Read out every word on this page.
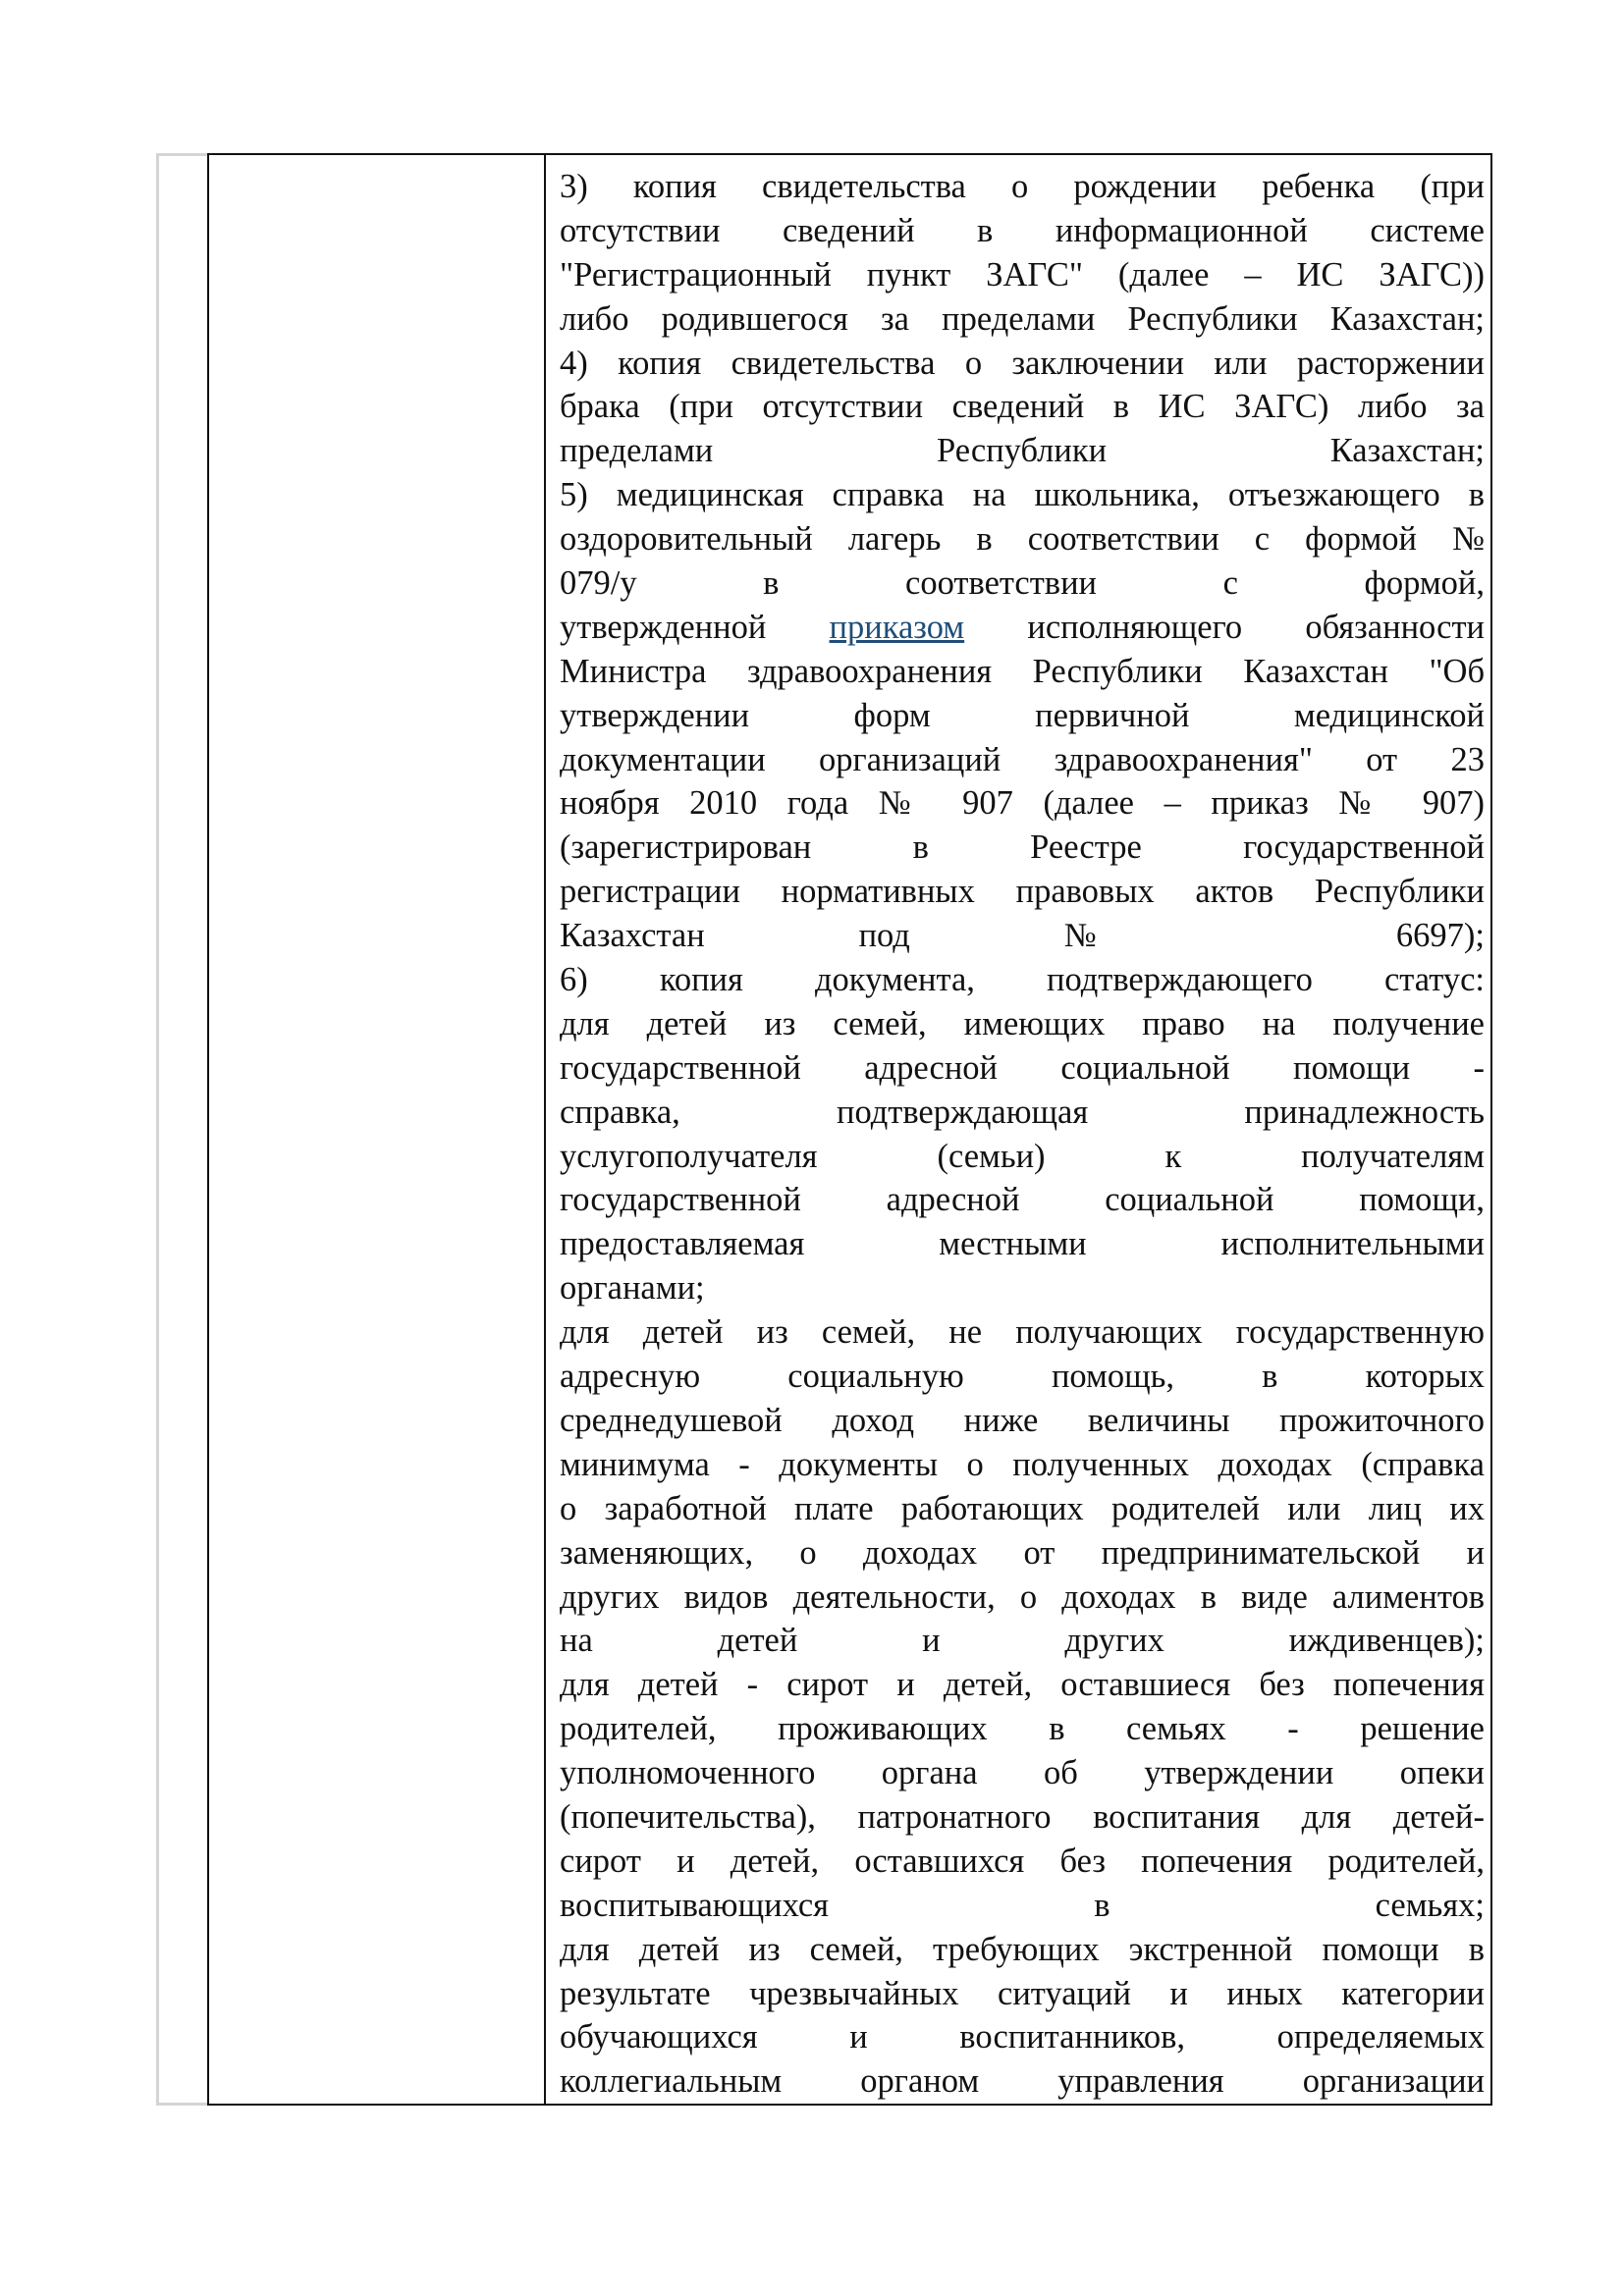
3) копия свидетельства о рождении ребенка (при
отсутствии сведений в информационной системе
"Регистрационный пункт ЗАГС" (далее – ИС ЗАГС))
либо родившегося за пределами Республики Казахстан;
4) копия свидетельства о заключении или расторжении
брака (при отсутствии сведений в ИС ЗАГС) либо за
пределами Республики Казахстан;
5) медицинская справка на школьника, отъезжающего в
оздоровительный лагерь в соответствии с формой №
079/у в соответствии с формой,
утвержденной приказом исполняющего обязанности
Министра здравоохранения Республики Казахстан "Об
утверждении форм первичной медицинской
документации организаций здравоохранения" от 23
ноября 2010 года № 907 (далее – приказ № 907)
(зарегистрирован в Реестре государственной
регистрации нормативных правовых актов Республики
Казахстан под № 6697);
6) копия документа, подтверждающего статус:
для детей из семей, имеющих право на получение
государственной адресной социальной помощи -
справка, подтверждающая принадлежность
услугополучателя (семьи) к получателям
государственной адресной социальной помощи,
предоставляемая местными исполнительными
органами;
для детей из семей, не получающих государственную
адресную социальную помощь, в которых
среднедушевой доход ниже величины прожиточного
минимума - документы о полученных доходах (справка
о заработной плате работающих родителей или лиц их
заменяющих, о доходах от предпринимательской и
других видов деятельности, о доходах в виде алиментов
на детей и других иждивенцев);
для детей - сирот и детей, оставшиеся без попечения
родителей, проживающих в семьях - решение
уполномоченного органа об утверждении опеки
(попечительства), патронатного воспитания для детей-
сирот и детей, оставшихся без попечения родителей,
воспитывающихся в семьях;
для детей из семей, требующих экстренной помощи в
результате чрезвычайных ситуаций и иных категории
обучающихся и воспитанников, определяемых
коллегиальным органом управления организации
